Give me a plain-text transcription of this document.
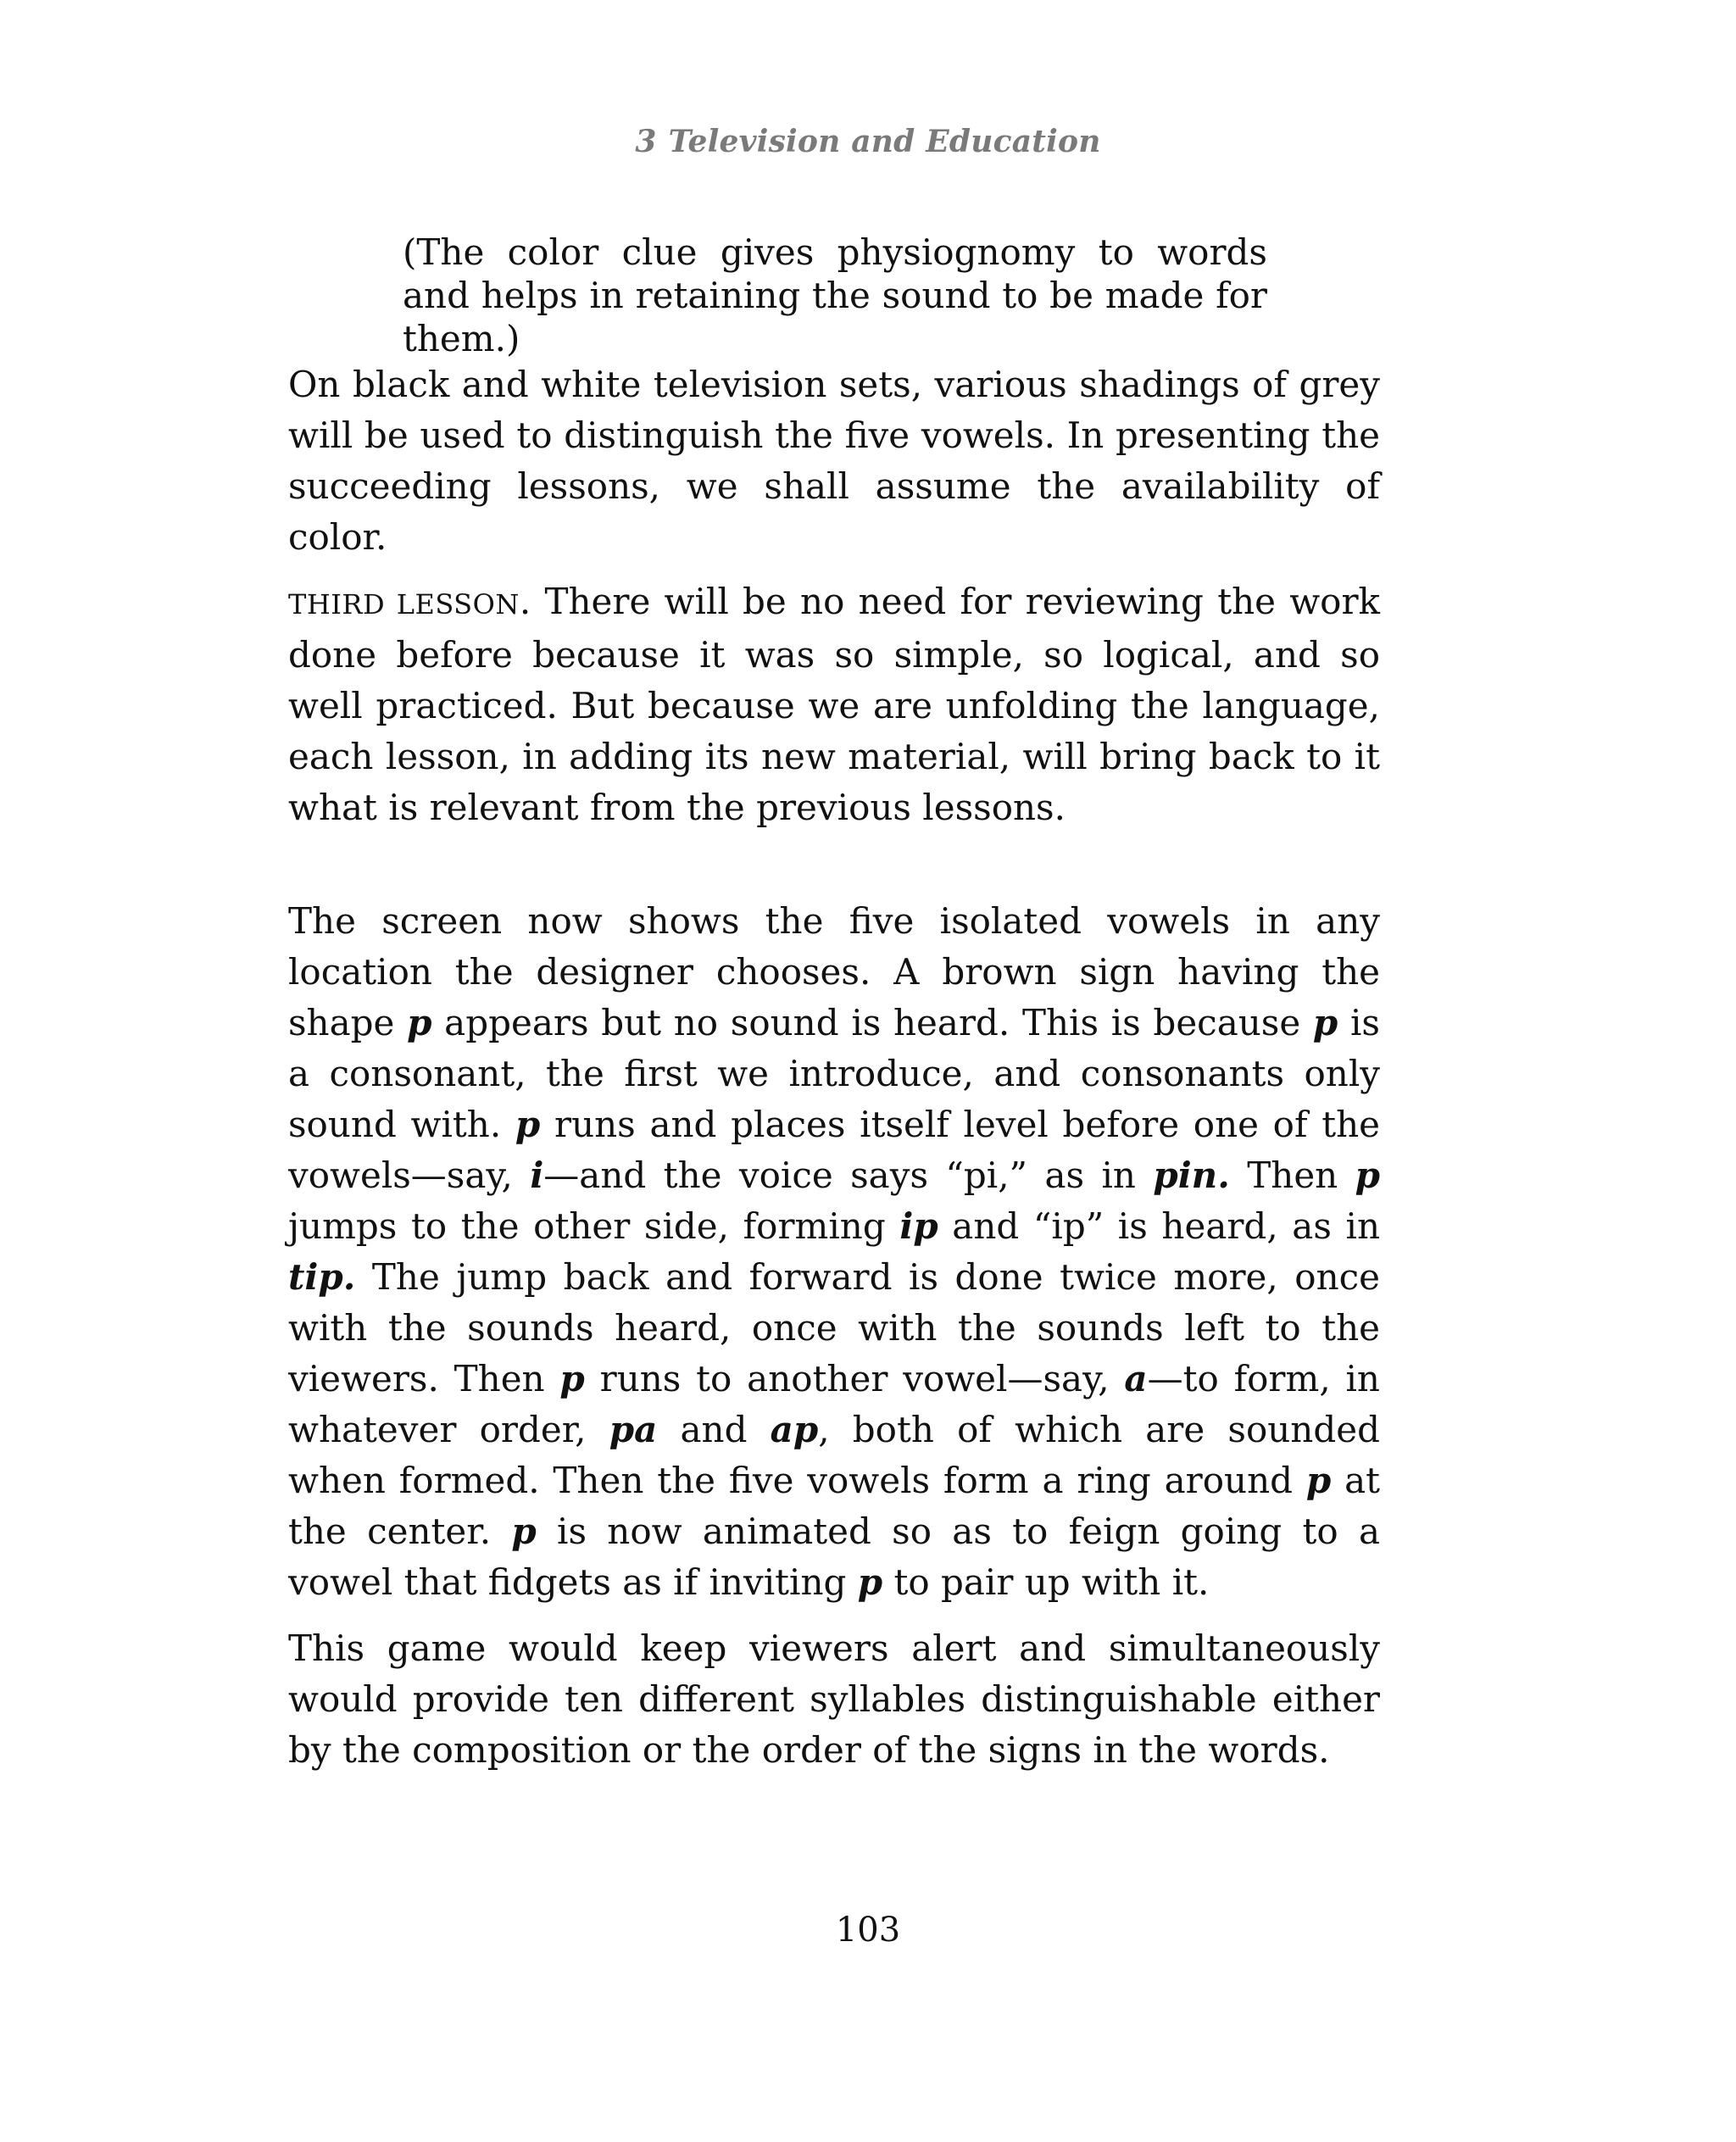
3 Television and Education
(The color clue gives physiognomy to words and helps in retaining the sound to be made for them.)
On black and white television sets, various shadings of grey will be used to distinguish the five vowels. In presenting the succeeding lessons, we shall assume the availability of color.
THIRD LESSON. There will be no need for reviewing the work done before because it was so simple, so logical, and so well practiced. But because we are unfolding the language, each lesson, in adding its new material, will bring back to it what is relevant from the previous lessons.
The screen now shows the five isolated vowels in any location the designer chooses. A brown sign having the shape p appears but no sound is heard. This is because p is a consonant, the first we introduce, and consonants only sound with. p runs and places itself level before one of the vowels—say, i—and the voice says “pi,” as in pin. Then p jumps to the other side, forming ip and “ip” is heard, as in tip. The jump back and forward is done twice more, once with the sounds heard, once with the sounds left to the viewers. Then p runs to another vowel—say, a—to form, in whatever order, pa and ap, both of which are sounded when formed. Then the five vowels form a ring around p at the center. p is now animated so as to feign going to a vowel that fidgets as if inviting p to pair up with it.
This game would keep viewers alert and simultaneously would provide ten different syllables distinguishable either by the composition or the order of the signs in the words.
103
